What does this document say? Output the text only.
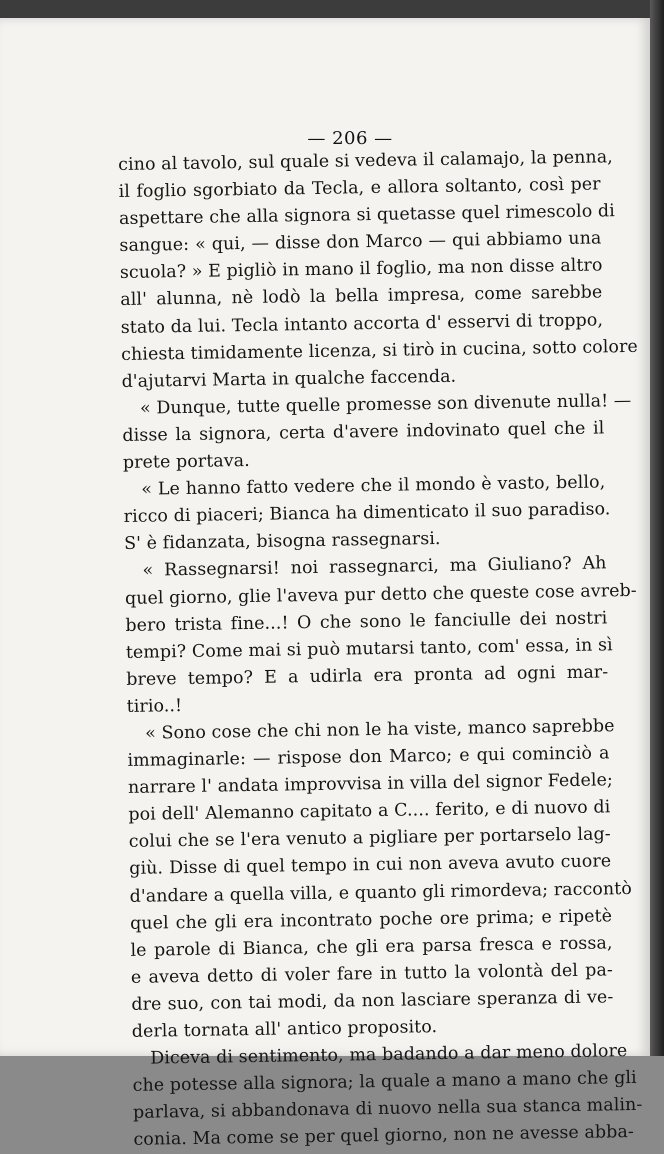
— 206 —
cino al tavolo, sul quale si vedeva il calamajo, la penna,
il foglio sgorbiato da Tecla, e allora soltanto, così per
aspettare che alla signora si quetasse quel rimescolo di
sangue: « qui, — disse don Marco — qui abbiamo una
scuola? » E pigliò in mano il foglio, ma non disse altro
all' alunna, nè lodò la bella impresa, come sarebbe
stato da lui. Tecla intanto accorta d' esservi di troppo,
chiesta timidamente licenza, si tirò in cucina, sotto colore
d'ajutarvi Marta in qualche faccenda.
« Dunque, tutte quelle promesse son divenute nulla! —
disse la signora, certa d'avere indovinato quel che il
prete portava.
« Le hanno fatto vedere che il mondo è vasto, bello,
ricco di piaceri; Bianca ha dimenticato il suo paradiso.
S' è fidanzata, bisogna rassegnarsi.
« Rassegnarsi! noi rassegnarci, ma Giuliano? Ah
quel giorno, glie l'aveva pur detto che queste cose avreb-
bero trista fine...! O che sono le fanciulle dei nostri
tempi? Come mai si può mutarsi tanto, com' essa, in sì
breve tempo? E a udirla era pronta ad ogni mar-
tirio..!
« Sono cose che chi non le ha viste, manco saprebbe
immaginarle: — rispose don Marco; e qui cominciò a
narrare l' andata improvvisa in villa del signor Fedele;
poi dell' Alemanno capitato a C.... ferito, e di nuovo di
colui che se l'era venuto a pigliare per portarselo lag-
giù. Disse di quel tempo in cui non aveva avuto cuore
d'andare a quella villa, e quanto gli rimordeva; raccontò
quel che gli era incontrato poche ore prima; e ripetè
le parole di Bianca, che gli era parsa fresca e rossa,
e aveva detto di voler fare in tutto la volontà del pa-
dre suo, con tai modi, da non lasciare speranza di ve-
derla tornata all' antico proposito.
Diceva di sentimento, ma badando a dar meno dolore
che potesse alla signora; la quale a mano a mano che gli
parlava, si abbandonava di nuovo nella sua stanca malin-
conia. Ma come se per quel giorno, non ne avesse abba-
